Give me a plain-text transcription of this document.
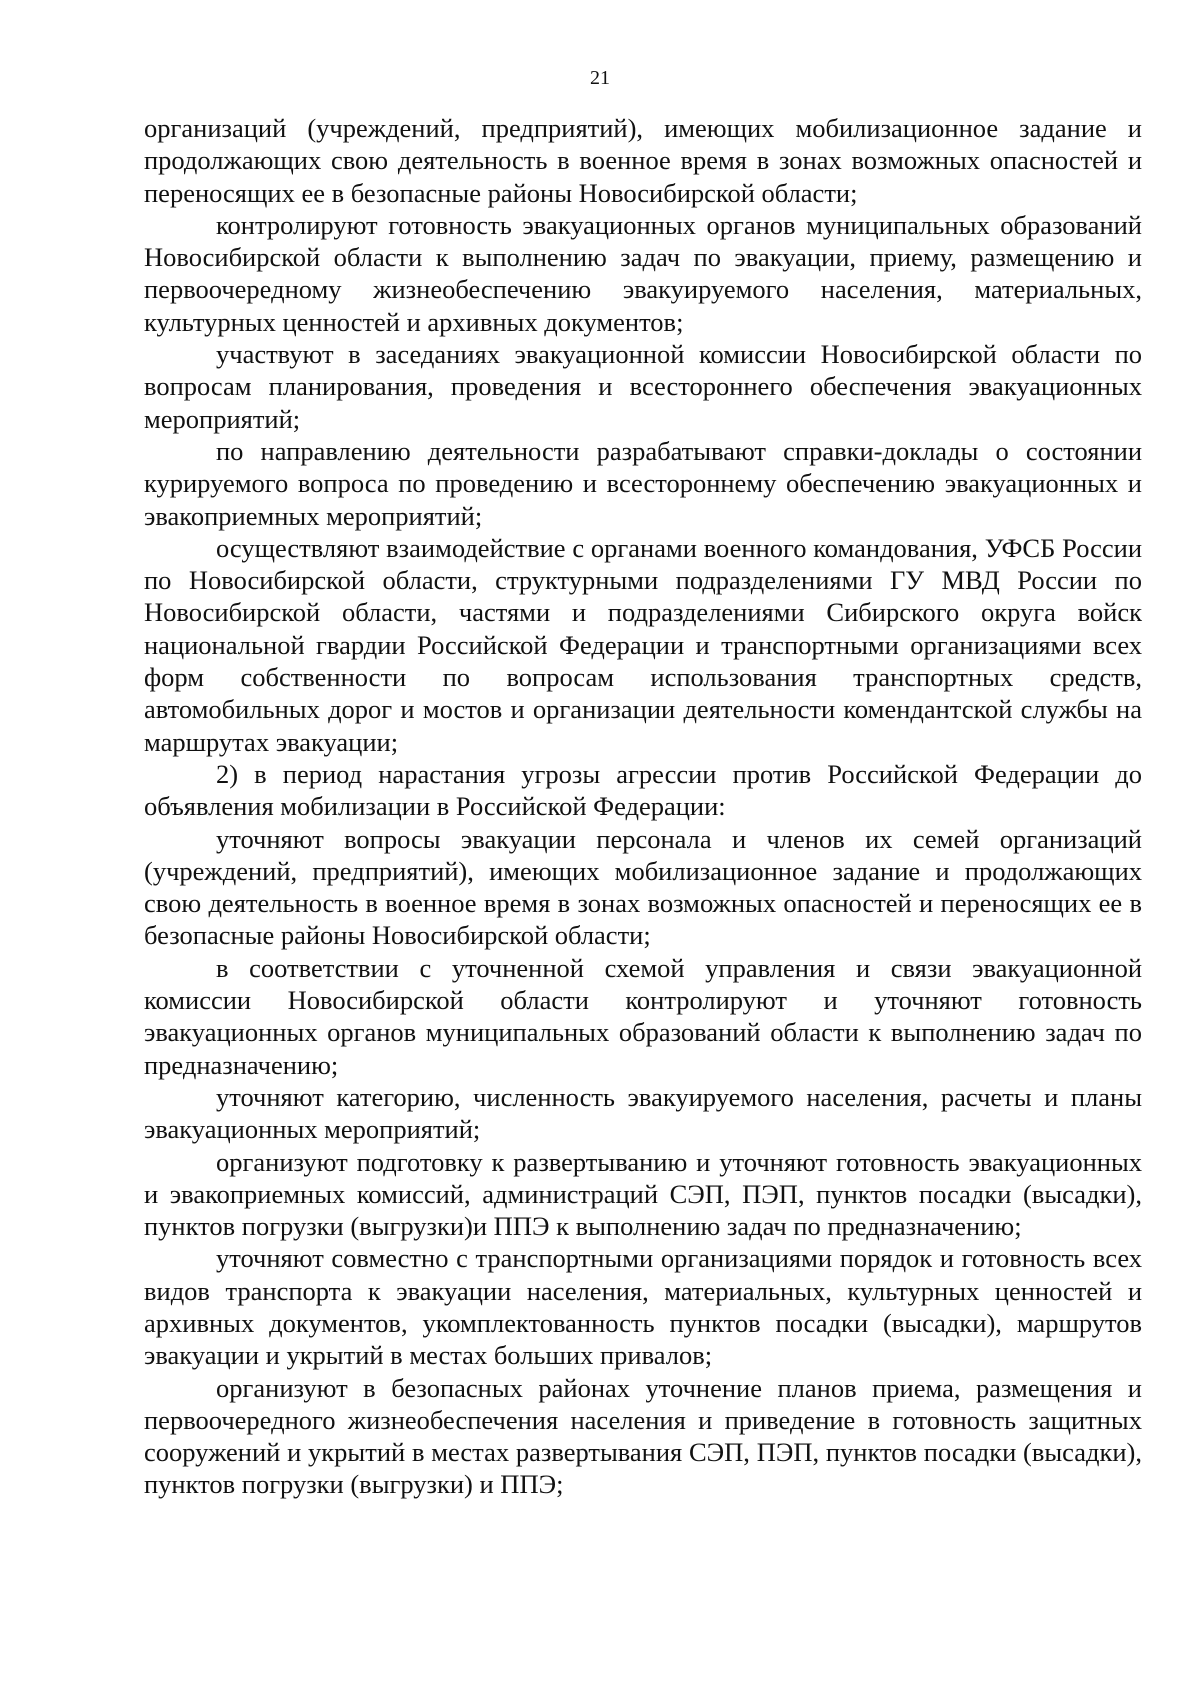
21

организаций (учреждений, предприятий), имеющих мобилизационное задание и продолжающих свою деятельность в военное время в зонах возможных опасностей и переносящих ее в безопасные районы Новосибирской области;

контролируют готовность эвакуационных органов муниципальных образований Новосибирской области к выполнению задач по эвакуации, приему, размещению и первоочередному жизнеобеспечению эвакуируемого населения, материальных, культурных ценностей и архивных документов;

участвуют в заседаниях эвакуационной комиссии Новосибирской области по вопросам планирования, проведения и всестороннего обеспечения эвакуационных мероприятий;

по направлению деятельности разрабатывают справки-доклады о состоянии курируемого вопроса по проведению и всестороннему обеспечению эвакуационных и эвакоприемных мероприятий;

осуществляют взаимодействие с органами военного командования, УФСБ России по Новосибирской области, структурными подразделениями ГУ МВД России по Новосибирской области, частями и подразделениями Сибирского округа войск национальной гвардии Российской Федерации и транспортными организациями всех форм собственности по вопросам использования транспортных средств, автомобильных дорог и мостов и организации деятельности комендантской службы на маршрутах эвакуации;

2) в период нарастания угрозы агрессии против Российской Федерации до объявления мобилизации в Российской Федерации:

уточняют вопросы эвакуации персонала и членов их семей организаций (учреждений, предприятий), имеющих мобилизационное задание и продолжающих свою деятельность в военное время в зонах возможных опасностей и переносящих ее в безопасные районы Новосибирской области;

в соответствии с уточненной схемой управления и связи эвакуационной комиссии Новосибирской области контролируют и уточняют готовность эвакуационных органов муниципальных образований области к выполнению задач по предназначению;

уточняют категорию, численность эвакуируемого населения, расчеты и планы эвакуационных мероприятий;

организуют подготовку к развертыванию и уточняют готовность эвакуационных и эвакоприемных комиссий, администраций СЭП, ПЭП, пунктов посадки (высадки), пунктов погрузки (выгрузки)и ППЭ к выполнению задач по предназначению;

уточняют совместно с транспортными организациями порядок и готовность всех видов транспорта к эвакуации населения, материальных, культурных ценностей и архивных документов, укомплектованность пунктов посадки (высадки), маршрутов эвакуации и укрытий в местах больших привалов;

организуют в безопасных районах уточнение планов приема, размещения и первоочередного жизнеобеспечения населения и приведение в готовность защитных сооружений и укрытий в местах развертывания СЭП, ПЭП, пунктов посадки (высадки), пунктов погрузки (выгрузки) и ППЭ;
